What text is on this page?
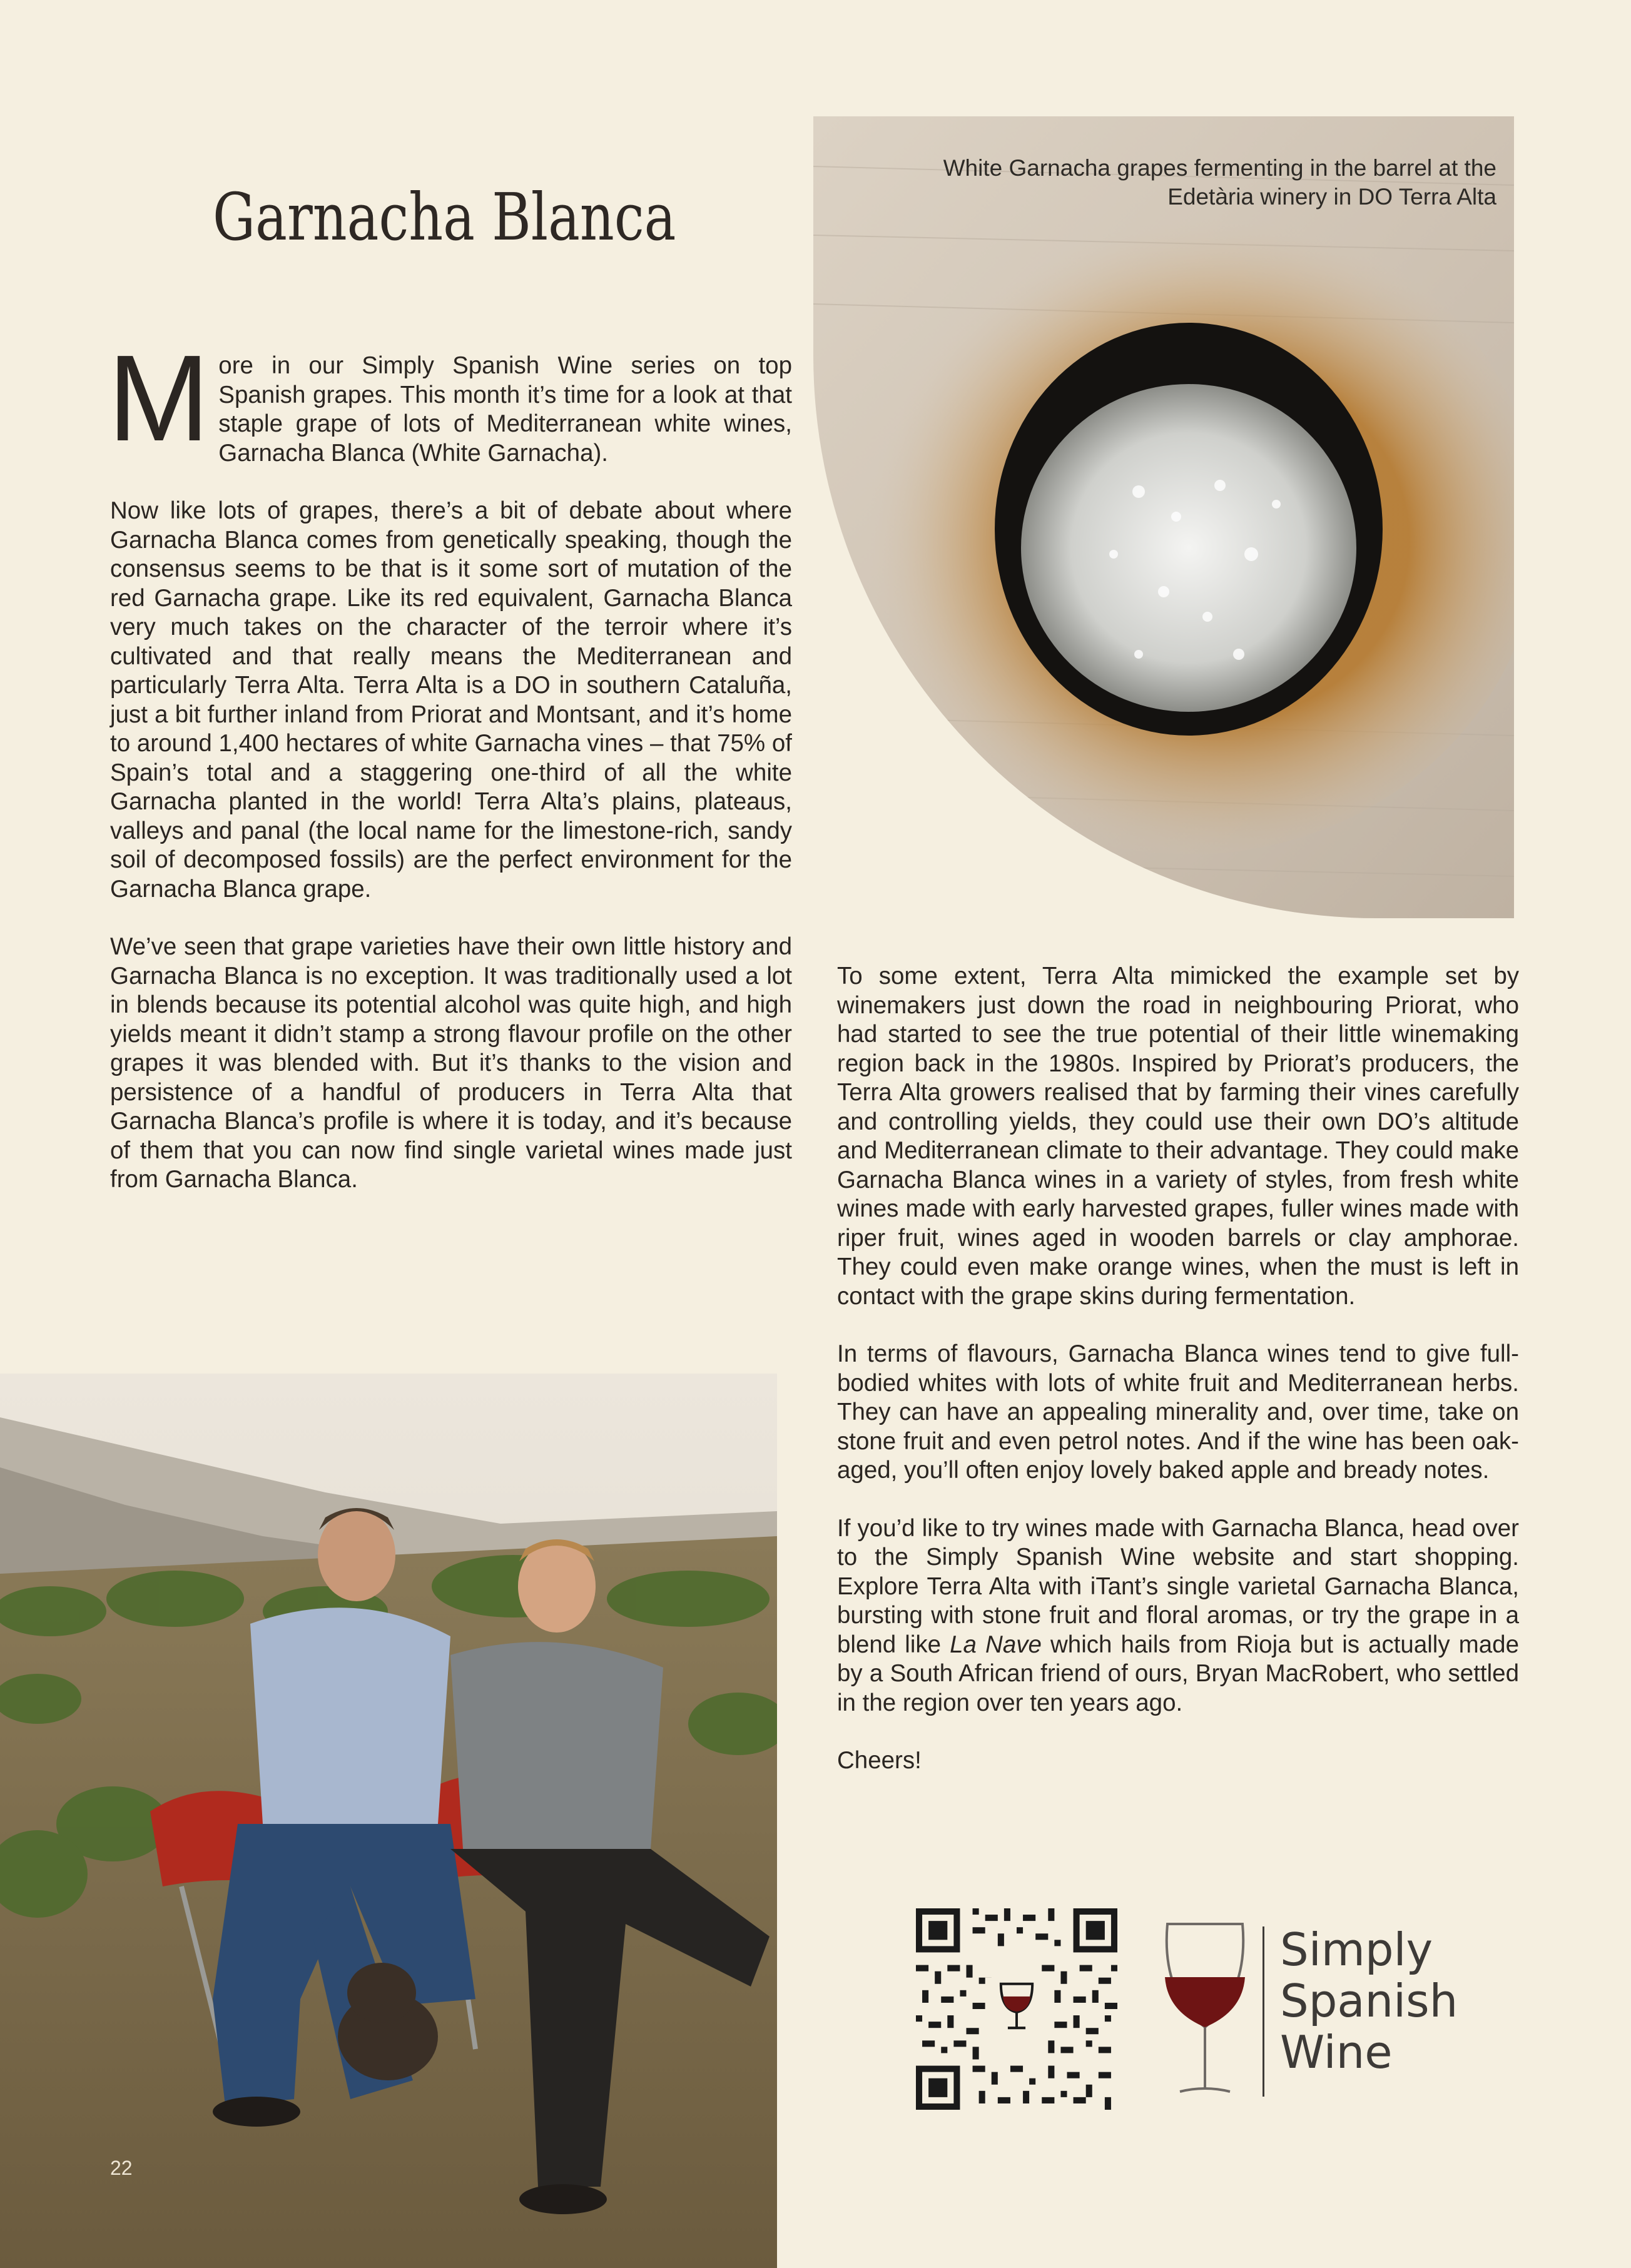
Garnacha Blanca

More in our Simply Spanish Wine series on top Spanish grapes. This month it’s time for a look at that staple grape of lots of Mediterranean white wines, Garnacha Blanca (White Garnacha).

Now like lots of grapes, there’s a bit of debate about where Garnacha Blanca comes from genetically speaking, though the consensus seems to be that is it some sort of mutation of the red Garnacha grape. Like its red equivalent, Garnacha Blanca very much takes on the character of the terroir where it’s cultivated and that really means the Mediterranean and particularly Terra Alta. Terra Alta is a DO in southern Cataluña, just a bit further inland from Priorat and Montsant, and it’s home to around 1,400 hectares of white Garnacha vines – that 75% of Spain’s total and a staggering one-third of all the white Garnacha planted in the world! Terra Alta’s plains, plateaus, valleys and panal (the local name for the limestone-rich, sandy soil of decomposed fossils) are the perfect environment for the Garnacha Blanca grape.

We’ve seen that grape varieties have their own little history and Garnacha Blanca is no exception. It was traditionally used a lot in blends because its potential alcohol was quite high, and high yields meant it didn’t stamp a strong flavour profile on the other grapes it was blended with. But it’s thanks to the vision and persistence of a handful of producers in Terra Alta that Garnacha Blanca’s profile is where it is today, and it’s because of them that you can now find single varietal wines made just from Garnacha Blanca.

White Garnacha grapes fermenting in the barrel at the Edetària winery in DO Terra Alta

To some extent, Terra Alta mimicked the example set by winemakers just down the road in neighbouring Priorat, who had started to see the true potential of their little winemaking region back in the 1980s. Inspired by Priorat’s producers, the Terra Alta growers realised that by farming their vines carefully and controlling yields, they could use their own DO’s altitude and Mediterranean climate to their advantage. They could make Garnacha Blanca wines in a variety of styles, from fresh white wines made with early harvested grapes, fuller wines made with riper fruit, wines aged in wooden barrels or clay amphorae. They could even make orange wines, when the must is left in contact with the grape skins during fermentation.

In terms of flavours, Garnacha Blanca wines tend to give full-bodied whites with lots of white fruit and Mediterranean herbs. They can have an appealing minerality and, over time, take on stone fruit and even petrol notes. And if the wine has been oak-aged, you’ll often enjoy lovely baked apple and bready notes.

If you’d like to try wines made with Garnacha Blanca, head over to the Simply Spanish Wine website and start shopping. Explore Terra Alta with iTant’s single varietal Garnacha Blanca, bursting with stone fruit and floral aromas, or try the grape in a blend like La Nave which hails from Rioja but is actually made by a South African friend of ours, Bryan MacRobert, who settled in the region over ten years ago.

Cheers!

22
Simply
Spanish
Wine
